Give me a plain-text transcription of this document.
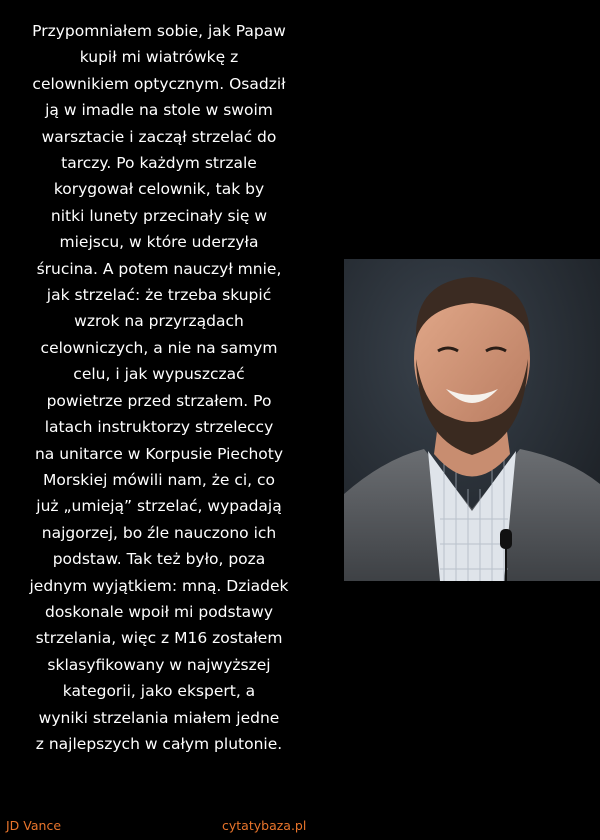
Przypomniałem sobie, jak Papaw
kupił mi wiatrówkę z
celownikiem optycznym. Osadził
ją w imadle na stole w swoim
warsztacie i zaczął strzelać do
tarczy. Po każdym strzale
korygował celownik, tak by
nitki lunety przecinały się w
miejscu, w które uderzyła
śrucina. A potem nauczył mnie,
jak strzelać: że trzeba skupić
wzrok na przyrządach
celowniczych, a nie na samym
celu, i jak wypuszczać
powietrze przed strzałem. Po
latach instruktorzy strzeleccy
na unitarce w Korpusie Piechoty
Morskiej mówili nam, że ci, co
już „umieją” strzelać, wypadają
najgorzej, bo źle nauczono ich
podstaw. Tak też było, poza
jednym wyjątkiem: mną. Dziadek
doskonale wpoił mi podstawy
strzelania, więc z M16 zostałem
sklasyfikowany w najwyższej
kategorii, jako ekspert, a
wyniki strzelania miałem jedne
z najlepszych w całym plutonie.
JD Vance	cytatybaza.pl
